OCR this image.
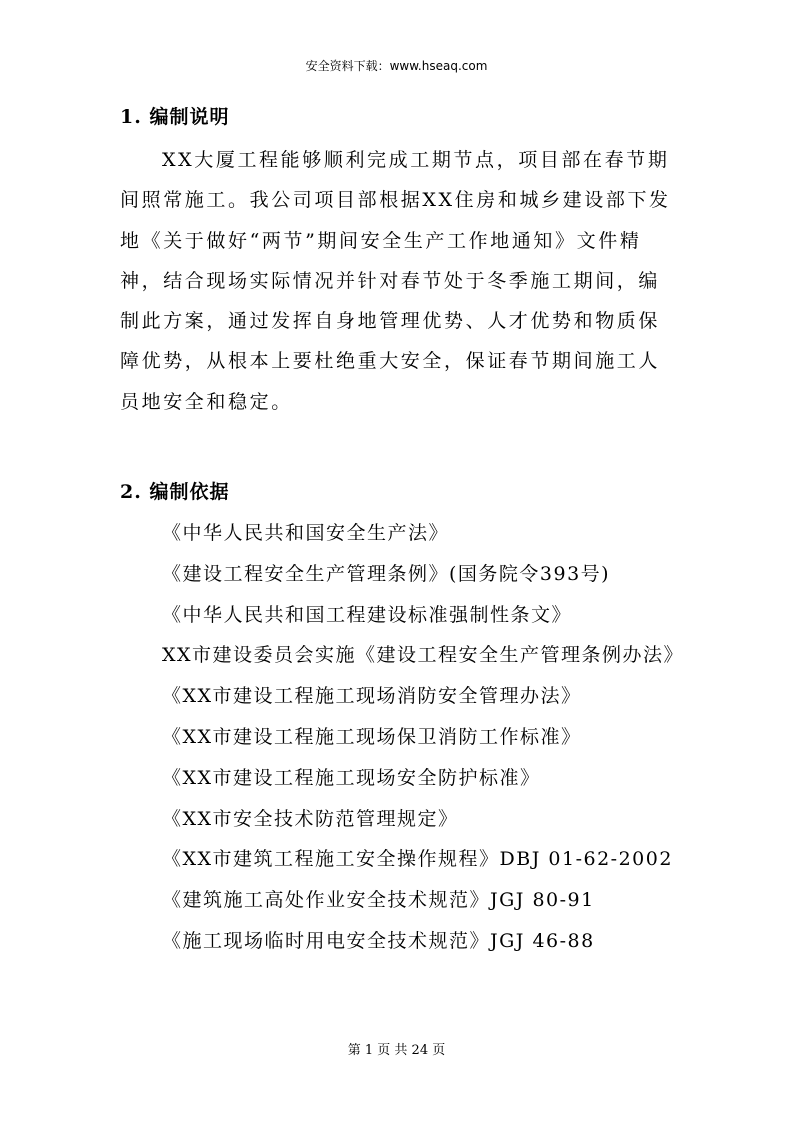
安全资料下载：www.hseaq.com
1. 编制说明

XX大厦工程能够顺利完成工期节点，项目部在春节期间照常施工。我公司项目部根据XX住房和城乡建设部下发地《关于做好“两节”期间安全生产工作地通知》文件精神，结合现场实际情况并针对春节处于冬季施工期间，编制此方案，通过发挥自身地管理优势、人才优势和物质保障优势，从根本上要杜绝重大安全，保证春节期间施工人员地安全和稳定。

2. 编制依据
《中华人民共和国安全生产法》
《建设工程安全生产管理条例》(国务院令393号)
《中华人民共和国工程建设标准强制性条文》
XX市建设委员会实施《建设工程安全生产管理条例办法》
《XX市建设工程施工现场消防安全管理办法》
《XX市建设工程施工现场保卫消防工作标准》
《XX市建设工程施工现场安全防护标准》
《XX市安全技术防范管理规定》
《XX市建筑工程施工安全操作规程》DBJ 01-62-2002
《建筑施工高处作业安全技术规范》JGJ 80-91
《施工现场临时用电安全技术规范》JGJ 46-88
第 1 页 共 24 页
